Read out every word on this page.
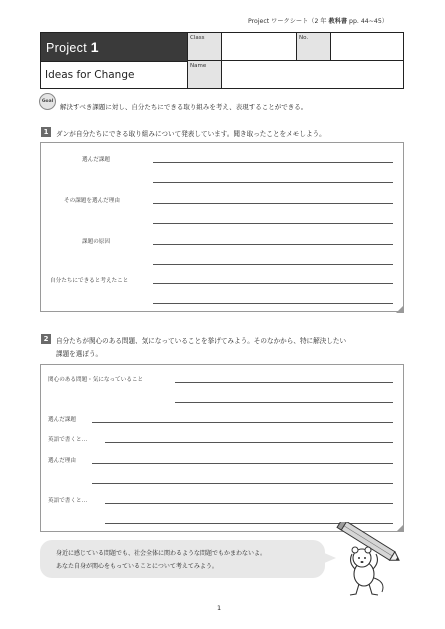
Project ワークシート（2 年 教科書 pp. 44~45）
Project 1
Ideas for Change
Class	No.
Name
Goal
解決すべき課題に対し、自分たちにできる取り組みを考え、表現することができる。
1	ダンが自分たちにできる取り組みについて発表しています。聞き取ったことをメモしよう。
選んだ課題
その課題を選んだ理由
課題の原因
自分たちにできると考えたこと
2	自分たちが関心のある問題、気になっていることを挙げてみよう。そのなかから、特に解決したい
課題を選ぼう。
関心のある問題・気になっていること
選んだ課題
英語で書くと…
選んだ理由
英語で書くと…
身近に感じている問題でも、社会全体に関わるような問題でもかまわないよ。
あなた自身が関心をもっていることについて考えてみよう。
1
